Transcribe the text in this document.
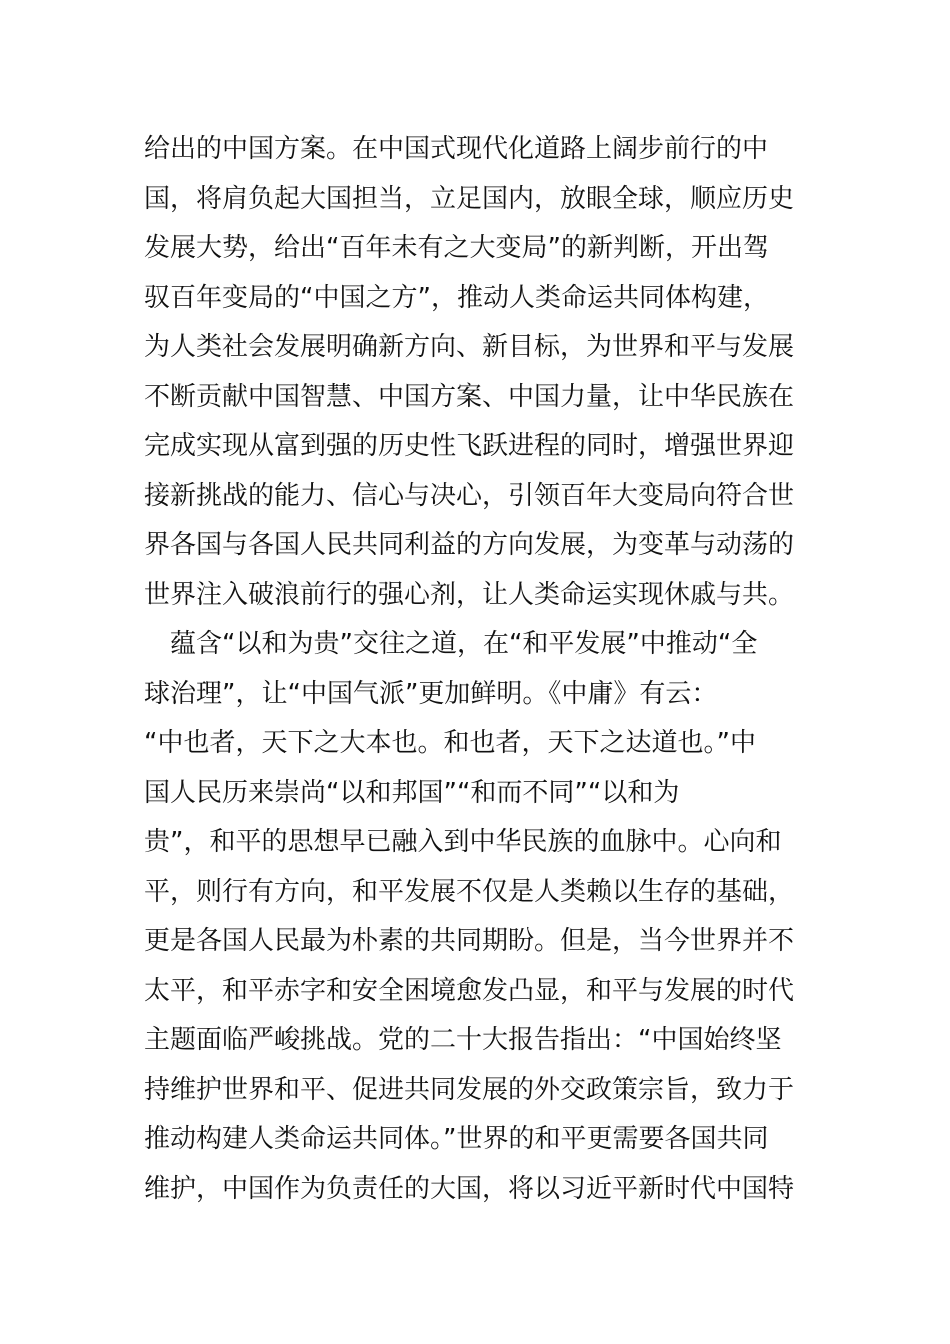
给出的中国方案。在中国式现代化道路上阔步前行的中
国，将肩负起大国担当，立足国内，放眼全球，顺应历史
发展大势，给出“百年未有之大变局”的新判断，开出驾
驭百年变局的“中国之方”，推动人类命运共同体构建，
为人类社会发展明确新方向、新目标，为世界和平与发展
不断贡献中国智慧、中国方案、中国力量，让中华民族在
完成实现从富到强的历史性飞跃进程的同时，增强世界迎
接新挑战的能力、信心与决心，引领百年大变局向符合世
界各国与各国人民共同利益的方向发展，为变革与动荡的
世界注入破浪前行的强心剂，让人类命运实现休戚与共。
　蕴含“以和为贵”交往之道，在“和平发展”中推动“全
球治理”，让“中国气派”更加鲜明。《中庸》有云：
“中也者，天下之大本也。和也者，天下之达道也。”中
国人民历来崇尚“以和邦国”“和而不同”“以和为
贵”，和平的思想早已融入到中华民族的血脉中。心向和
平，则行有方向，和平发展不仅是人类赖以生存的基础，
更是各国人民最为朴素的共同期盼。但是，当今世界并不
太平，和平赤字和安全困境愈发凸显，和平与发展的时代
主题面临严峻挑战。党的二十大报告指出：“中国始终坚
持维护世界和平、促进共同发展的外交政策宗旨，致力于
推动构建人类命运共同体。”世界的和平更需要各国共同
维护，中国作为负责任的大国，将以习近平新时代中国特
